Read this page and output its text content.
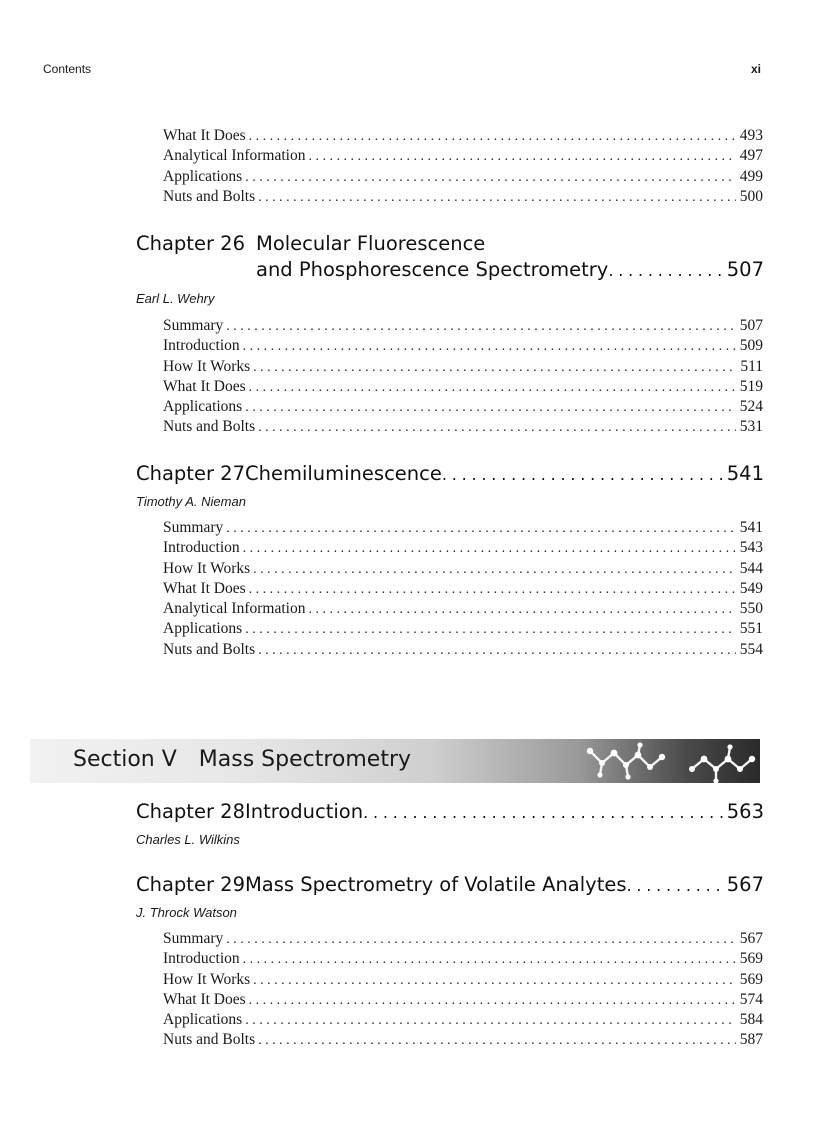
Contents	xi
What It Does . . .	493
Analytical Information . . .	497
Applications . . .	499
Nuts and Bolts . . .	500
Chapter 26 Molecular Fluorescence
and Phosphorescence Spectrometry .....	507
Earl L. Wehry
Summary . . .	507
Introduction . . .	509
How It Works . . .	511
What It Does . . .	519
Applications . . .	524
Nuts and Bolts . . .	531
Chapter 27 Chemiluminescence .....	541
Timothy A. Nieman
Summary . . .	541
Introduction . . .	543
How It Works . . .	544
What It Does . . .	549
Analytical Information . . .	550
Applications . . .	551
Nuts and Bolts . . .	554
Section V Mass Spectrometry
Chapter 28 Introduction .....	563
Charles L. Wilkins
Chapter 29 Mass Spectrometry of Volatile Analytes .....	567
J. Throck Watson
Summary . . .	567
Introduction . . .	569
How It Works . . .	569
What It Does . . .	574
Applications . . .	584
Nuts and Bolts . . .	587
